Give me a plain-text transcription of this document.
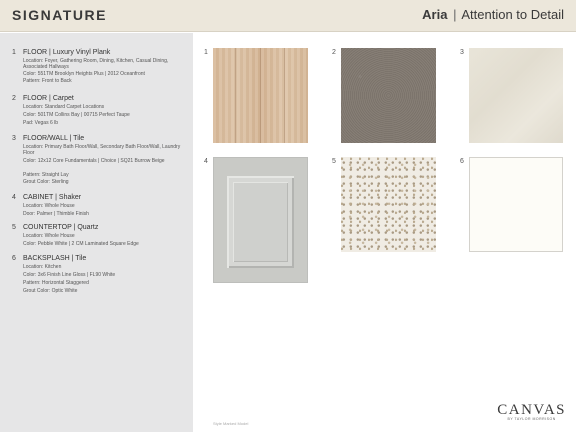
SIGNATURE	Aria | Attention to Detail
1 FLOOR | Luxury Vinyl Plank
Location: Foyer, Gathering Room, Dining, Kitchen, Casual Dining, Associated Hallways
Color: 551TM Brooklyn Heights Plus | 2012 Oceanfront
Pattern: Front to Back
2 FLOOR | Carpet
Location: Standard Carpet Locations
Color: 501TM Collins Bay | 00715 Perfect Taupe
Pad: Vegas 6 lb
3 FLOOR/WALL | Tile
Location: Primary Bath Floor/Wall, Secondary Bath Floor/Wall, Laundry Floor
Color: 12x12 Core Fundamentals | Choice | SQ21 Burrow Beige
Pattern: Straight Lay
Grout Color: Sterling
4 CABINET | Shaker
Location: Whole House
Door: Palmer | Thimble Finish
5 COUNTERTOP | Quartz
Location: Whole House
Color: Pebble White | 2 CM Laminated Square Edge
6 BACKSPLASH | Tile
Location: Kitchen
Color: 3x6 Finish Line Gloss | FL90 White
Pattern: Horizontal Staggered
Grout Color: Optic White
1	2	3
4	5	6
Style Marked Model
CANVAS
BY TAYLOR MORRISON
